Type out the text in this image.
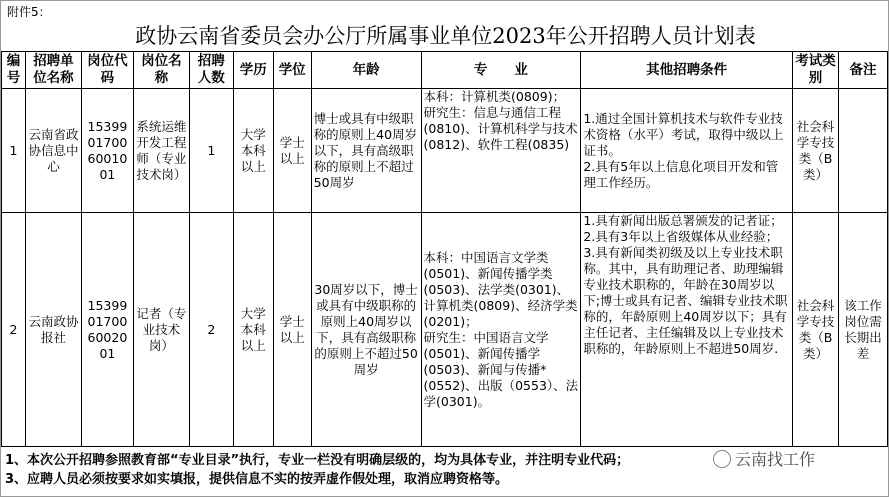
附件5：
政协云南省委员会办公厅所属事业单位2023年公开招聘人员计划表
编号	招聘单位名称	岗位代码	岗位名称	招聘人数	学历	学位	年龄	专　　业	其他招聘条件	考试类别	备注
1	云南省政协信息中心	15399 01700 60010 01	系统运维开发工程师（专业技术岗）	1	大学本科以上	学士以上	博士或具有中级职称的原则上40周岁以下，具有高级职称的原则上不超过50周岁	本科：计算机类(0809)；
研究生：信息与通信工程(0810)、计算机科学与技术(0812)、软件工程(0835)	1.通过全国计算机技术与软件专业技术资格（水平）考试，取得中级以上证书。
2.具有5年以上信息化项目开发和管理工作经历。	社会科学专技类（B类）	
2	云南政协报社	15399 01700 60020 01	记者（专业技术岗）	2	大学本科以上	学士以上	30周岁以下，博士或具有中级职称的原则上40周岁以下，具有高级职称的原则上不超过50周岁	本科：中国语言文学类(0501)、新闻传播学类(0503)、法学类(0301)、计算机类(0809)、经济学类(0201)；
研究生：中国语言文学(0501)、新闻传播学(0503)、新闻与传播*(0552)、出版（0553）、法学(0301)。	1.具有新闻出版总署颁发的记者证；
2.具有3年以上省级媒体从业经验；
3.具有新闻类初级及以上专业技术职称。其中，具有助理记者、助理编辑专业技术职称的，年龄在30周岁以下;博士或具有记者、编辑专业技术职称的，年龄原则上40周岁以下；具有主任记者、主任编辑及以上专业技术职称的，年龄原则上不超进50周岁.	社会科学专技类（B类）	该工作岗位需长期出差
1、本次公开招聘参照教育部“专业目录”执行，专业一栏没有明确层级的，均为具体专业，并注明专业代码；
3、应聘人员必须按要求如实填报，提供信息不实的按弄虚作假处理，取消应聘资格等。
云南找工作
